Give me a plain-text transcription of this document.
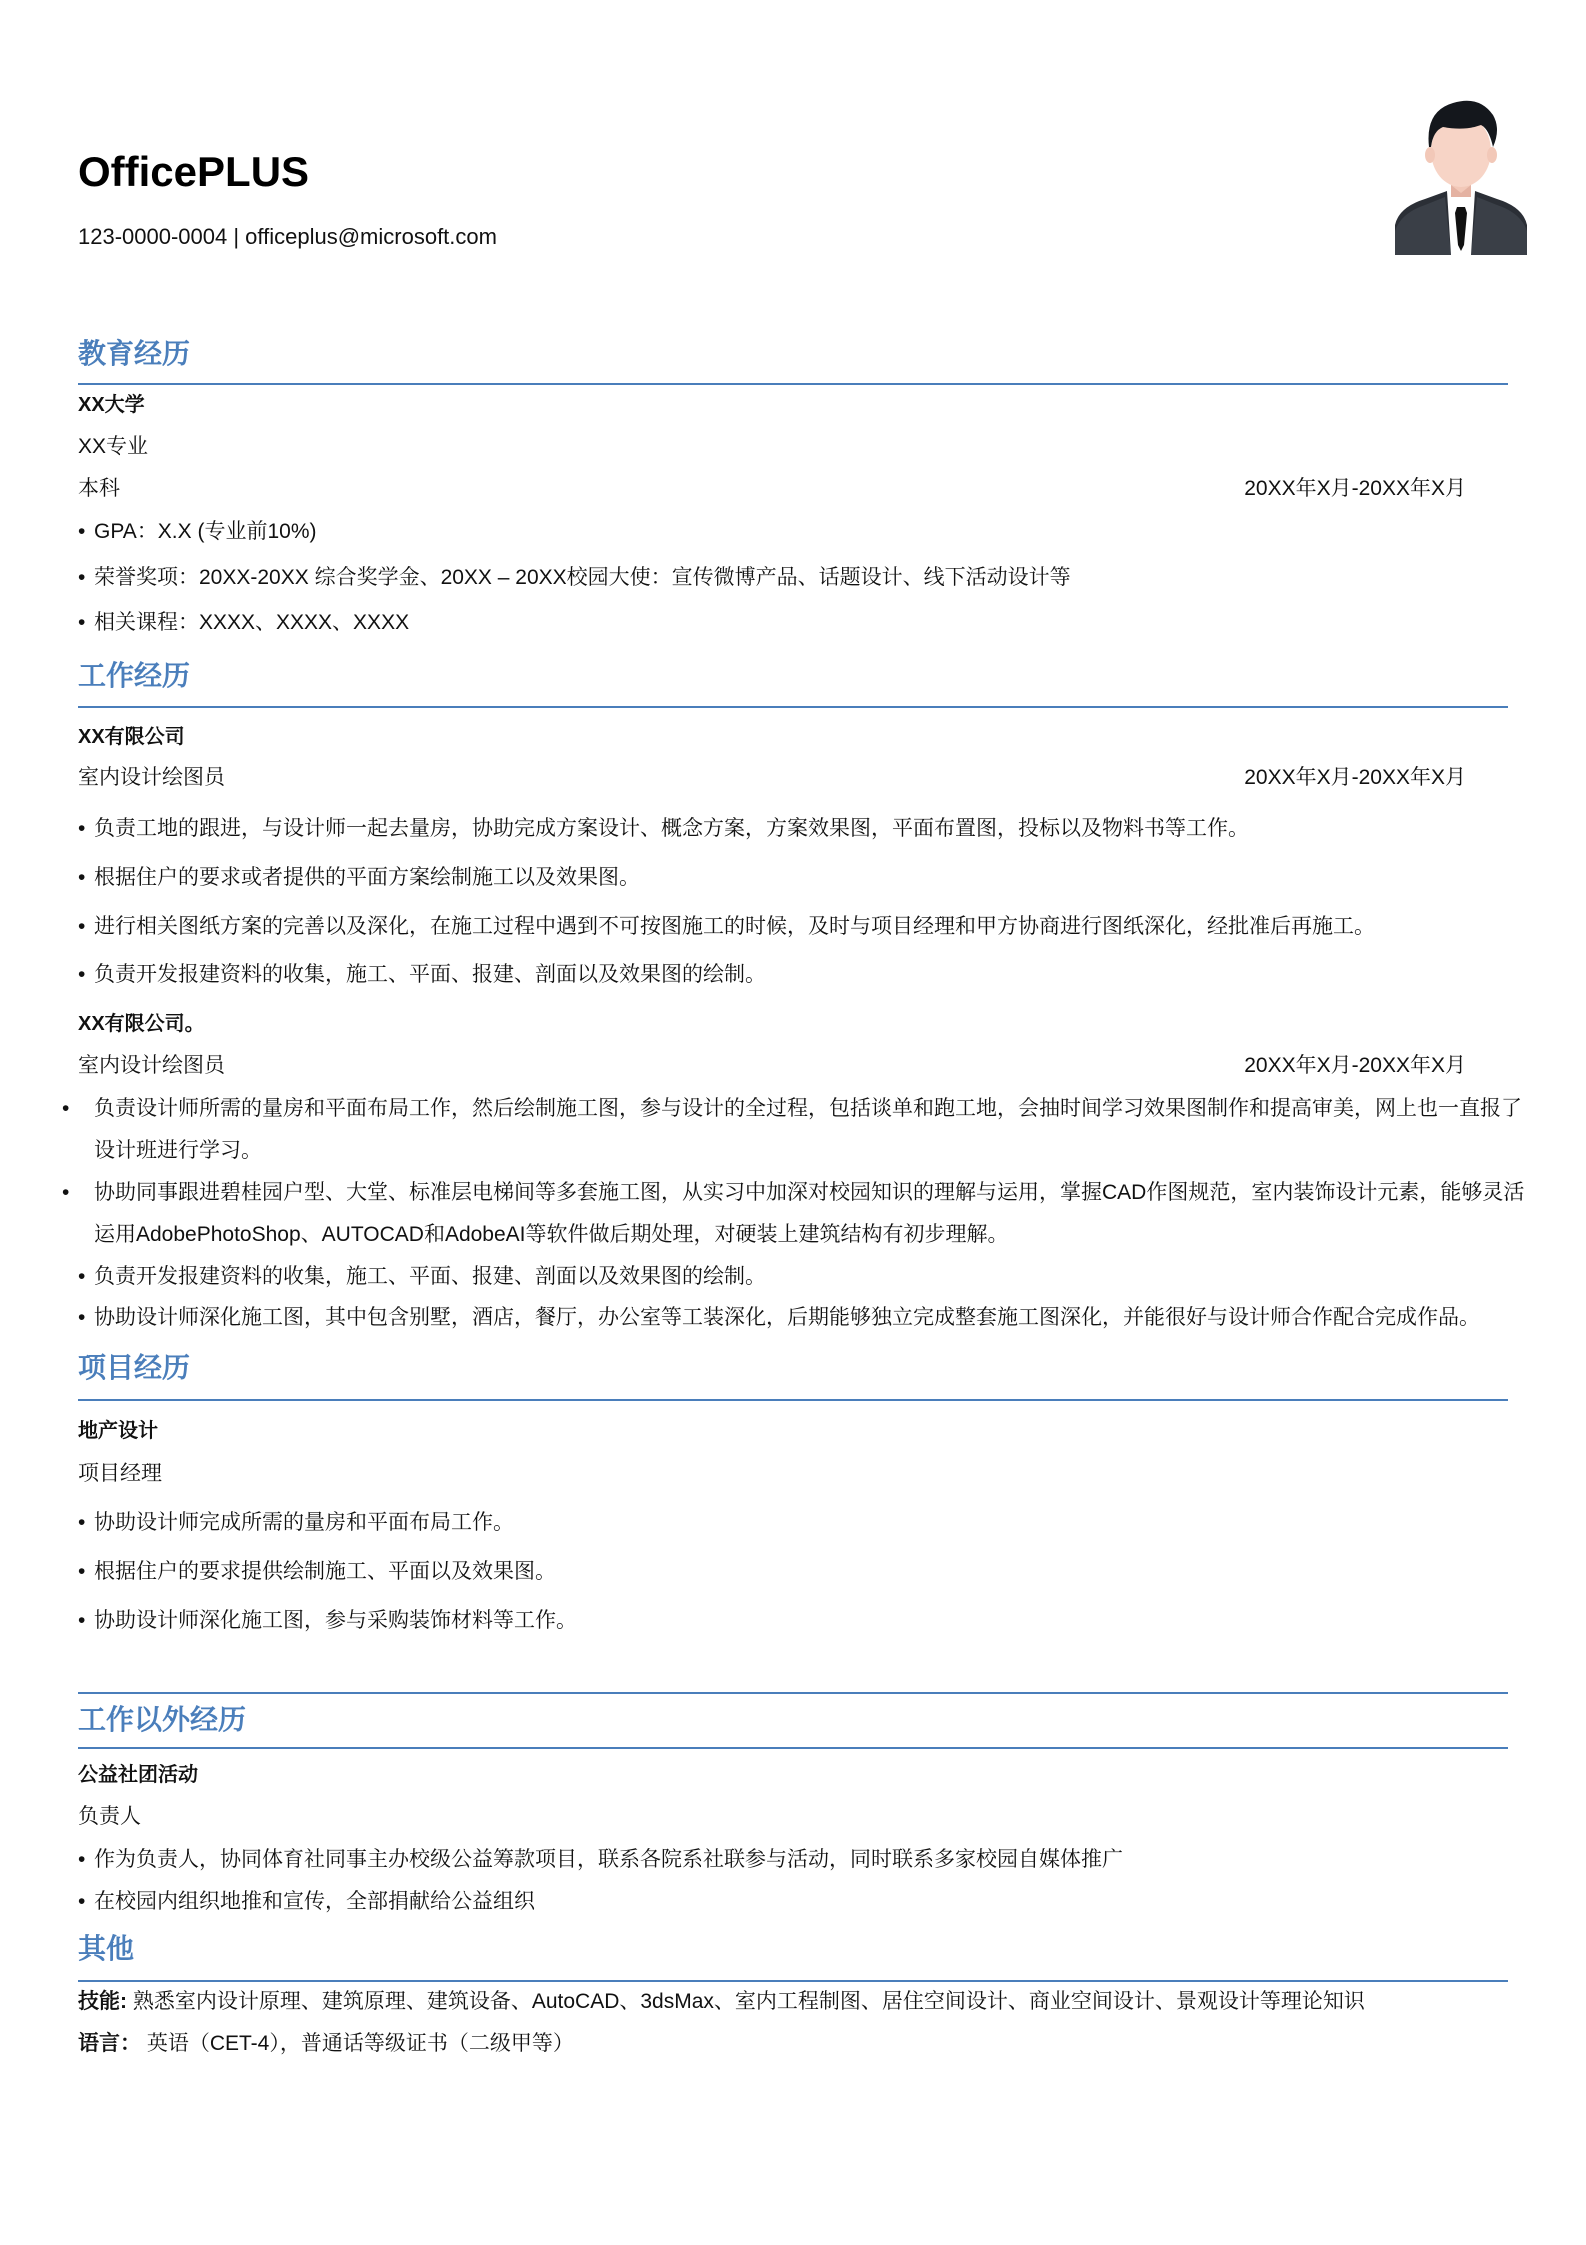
OfficePLUS
123-0000-0004 | officeplus@microsoft.com
教育经历
XX大学
XX专业
本科	20XX年X月-20XX年X月
• GPA：X.X (专业前10%)
• 荣誉奖项：20XX-20XX 综合奖学金、20XX – 20XX校园大使：宣传微博产品、话题设计、线下活动设计等
• 相关课程：XXXX、XXXX、XXXX
工作经历
XX有限公司
室内设计绘图员	20XX年X月-20XX年X月
• 负责工地的跟进，与设计师一起去量房，协助完成方案设计、概念方案，方案效果图，平面布置图，投标以及物料书等工作。
• 根据住户的要求或者提供的平面方案绘制施工以及效果图。
• 进行相关图纸方案的完善以及深化，在施工过程中遇到不可按图施工的时候，及时与项目经理和甲方协商进行图纸深化，经批准后再施工。
• 负责开发报建资料的收集，施工、平面、报建、剖面以及效果图的绘制。
XX有限公司。
室内设计绘图员	20XX年X月-20XX年X月
• 负责设计师所需的量房和平面布局工作，然后绘制施工图，参与设计的全过程，包括谈单和跑工地，会抽时间学习效果图制作和提高审美，网上也一直报了设计班进行学习。
• 协助同事跟进碧桂园户型、大堂、标准层电梯间等多套施工图，从实习中加深对校园知识的理解与运用，掌握CAD作图规范，室内装饰设计元素，能够灵活运用AdobePhotoShop、AUTOCAD和AdobeAI等软件做后期处理，对硬装上建筑结构有初步理解。
• 负责开发报建资料的收集，施工、平面、报建、剖面以及效果图的绘制。
• 协助设计师深化施工图，其中包含别墅，酒店，餐厅，办公室等工装深化，后期能够独立完成整套施工图深化，并能很好与设计师合作配合完成作品。
项目经历
地产设计
项目经理
• 协助设计师完成所需的量房和平面布局工作。
• 根据住户的要求提供绘制施工、平面以及效果图。
• 协助设计师深化施工图，参与采购装饰材料等工作。
工作以外经历
公益社团活动
负责人
• 作为负责人，协同体育社同事主办校级公益筹款项目，联系各院系社联参与活动，同时联系多家校园自媒体推广
• 在校园内组织地推和宣传，全部捐献给公益组织
其他
技能: 熟悉室内设计原理、建筑原理、建筑设备、AutoCAD、3dsMax、室内工程制图、居住空间设计、商业空间设计、景观设计等理论知识
语言： 英语（CET-4），普通话等级证书（二级甲等）
